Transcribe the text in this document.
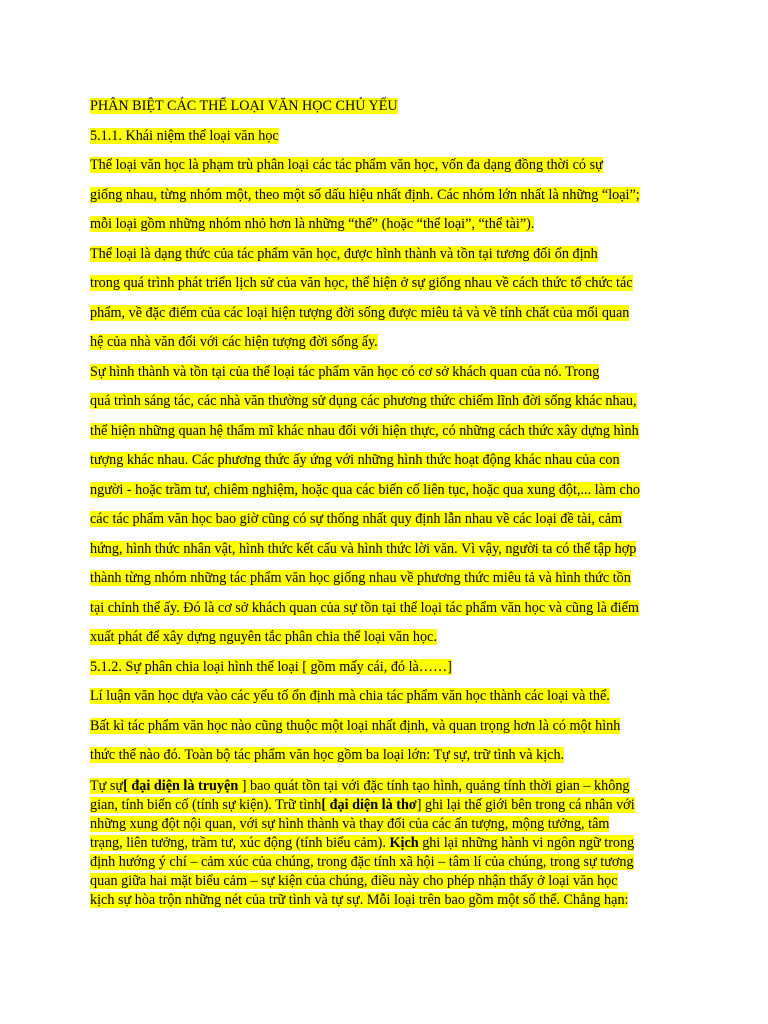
PHÂN BIỆT CÁC THỂ LOẠI VĂN HỌC CHỦ YẾU
5.1.1. Khái niệm thể loại văn học
Thể loại văn học là phạm trù phân loại các tác phẩm văn học, vốn đa dạng đồng thời có sự
giống nhau, từng nhóm một, theo một số dấu hiệu nhất định. Các nhóm lớn nhất là những “loại”;
mỗi loại gồm những nhóm nhỏ hơn là những “thể” (hoặc “thể loại”, “thể tài”).
Thể loại là dạng thức của tác phẩm văn học, được hình thành và tồn tại tương đối ổn định
trong quá trình phát triển lịch sử của văn học, thể hiện ở sự giống nhau về cách thức tổ chức tác
phẩm, về đặc điểm của các loại hiện tượng đời sống được miêu tả và về tính chất của mối quan
hệ của nhà văn đối với các hiện tượng đời sống ấy.
Sự hình thành và tồn tại của thể loại tác phẩm văn học có cơ sở khách quan của nó. Trong
quá trình sáng tác, các nhà văn thường sử dụng các phương thức chiếm lĩnh đời sống khác nhau,
thể hiện những quan hệ thẩm mĩ khác nhau đối với hiện thực, có những cách thức xây dựng hình
tượng khác nhau. Các phương thức ấy ứng với những hình thức hoạt động khác nhau của con
người - hoặc trầm tư, chiêm nghiệm, hoặc qua các biến cố liên tục, hoặc qua xung đột,... làm cho
các tác phẩm văn học bao giờ cũng có sự thống nhất quy định lẫn nhau về các loại đề tài, cảm
hứng, hình thức nhân vật, hình thức kết cấu và hình thức lời văn. Vì vậy, người ta có thể tập hợp
thành từng nhóm những tác phẩm văn học giống nhau về phương thức miêu tả và hình thức tồn
tại chỉnh thể ấy. Đó là cơ sở khách quan của sự tồn tại thể loại tác phẩm văn học và cũng là điểm
xuất phát để xây dựng nguyên tắc phân chia thể loại văn học.
5.1.2. Sự phân chia loại hình thể loại [ gồm mấy cái, đó là……]
Lí luận văn học dựa vào các yếu tố ổn định mà chia tác phẩm văn học thành các loại và thể.
Bất kì tác phẩm văn học nào cũng thuộc một loại nhất định, và quan trọng hơn là có một hình
thức thể nào đó. Toàn bộ tác phẩm văn học gồm ba loại lớn: Tự sự, trữ tình và kịch.
Tự sự[ đại diện là truyện ] bao quát tồn tại với đặc tính tạo hình, quảng tính thời gian – không
gian, tính biến cố (tính sự kiện). Trữ tình[ đại diện là thơ] ghi lại thế giới bên trong cá nhân với
những xung đột nội quan, với sự hình thành và thay đổi của các ấn tượng, mộng tưởng, tâm
trạng, liên tưởng, trầm tư, xúc động (tính biểu cảm). Kịch ghi lại những hành vi ngôn ngữ trong
định hướng ý chí – cảm xúc của chúng, trong đặc tính xã hội – tâm lí của chúng, trong sự tương
quan giữa hai mặt biểu cảm – sự kiện của chúng, điều này cho phép nhận thấy ở loại văn học
kịch sự hòa trộn những nét của trữ tình và tự sự. Mỗi loại trên bao gồm một số thể. Chẳng hạn:
